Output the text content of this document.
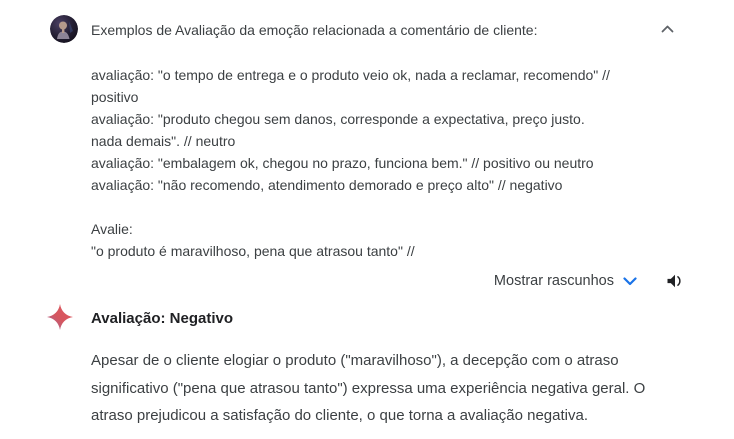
Exemplos de Avaliação da emoção relacionada a comentário de cliente:
avaliação: "o tempo de entrega e o produto veio ok, nada a reclamar, recomendo" //
positivo
avaliação: "produto chegou sem danos, corresponde a expectativa, preço justo.
nada demais". // neutro
avaliação: "embalagem ok, chegou no prazo, funciona bem." // positivo ou neutro
avaliação: "não recomendo, atendimento demorado e preço alto" // negativo
Avalie:
"o produto é maravilhoso, pena que atrasou tanto" //
Mostrar rascunhos
Avaliação: Negativo
Apesar de o cliente elogiar o produto ("maravilhoso"), a decepção com o atraso
significativo ("pena que atrasou tanto") expressa uma experiência negativa geral. O
atraso prejudicou a satisfação do cliente, o que torna a avaliação negativa.
